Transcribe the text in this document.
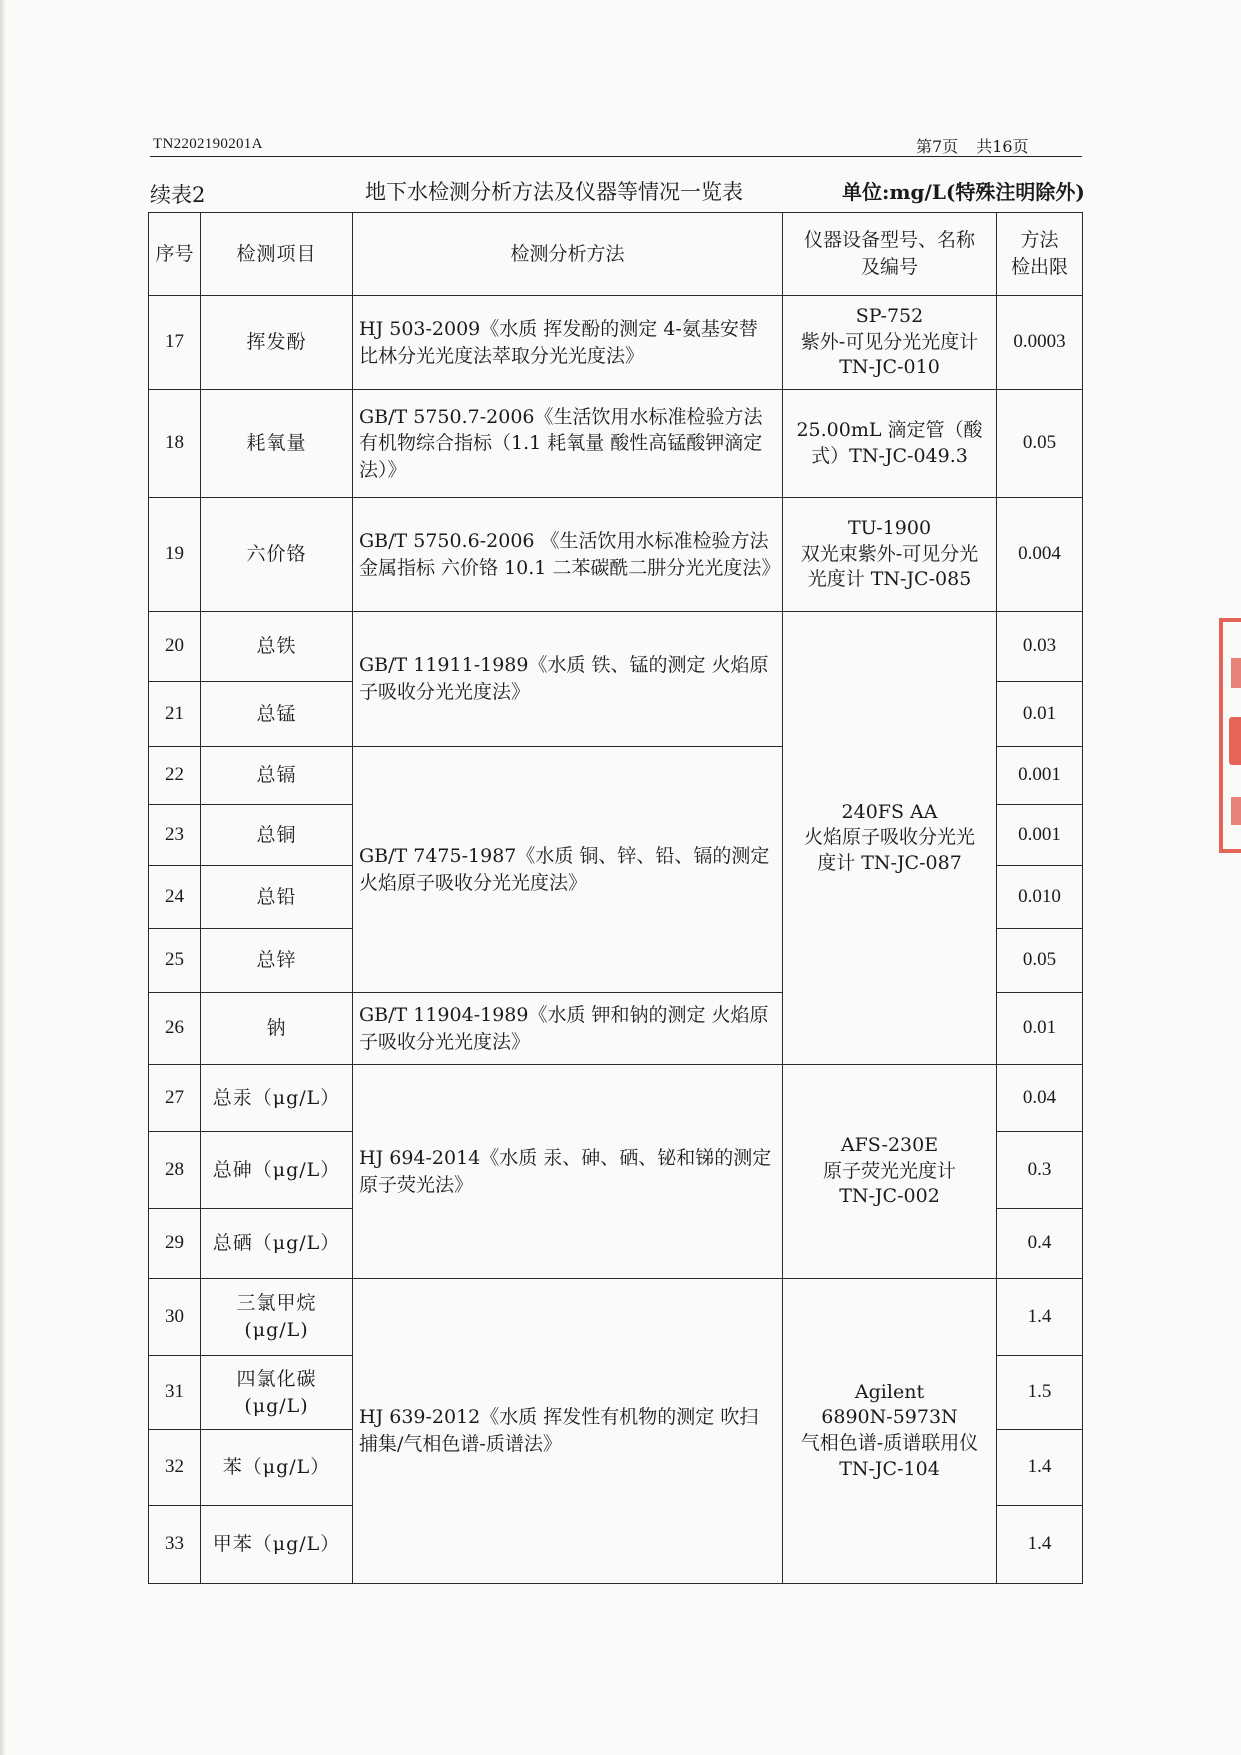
TN2202190201A	第7页 共16页
续表2	地下水检测分析方法及仪器等情况一览表	单位:mg/L(特殊注明除外)
序号	检测项目	检测分析方法	仪器设备型号、名称
及编号	方法
检出限
17	挥发酚	HJ 503-2009《水质 挥发酚的测定 4-氨基安替比林分光光度法萃取分光光度法》	SP-752
紫外-可见分光光度计
TN-JC-010	0.0003
18	耗氧量	GB/T 5750.7-2006《生活饮用水标准检验方法 有机物综合指标（1.1 耗氧量 酸性高锰酸钾滴定法）》	25.00mL 滴定管（酸
式）TN-JC-049.3	0.05
19	六价铬	GB/T 5750.6-2006 《生活饮用水标准检验方法 金属指标 六价铬 10.1 二苯碳酰二肼分光光度法》	TU-1900
双光束紫外-可见分光
光度计 TN-JC-085	0.004
20	总铁	GB/T 11911-1989《水质 铁、锰的测定 火焰原子吸收分光光度法》	240FS AA
火焰原子吸收分光光
度计 TN-JC-087	0.03
21	总锰			0.01
22	总镉	GB/T 7475-1987《水质 铜、锌、铅、镉的测定 火焰原子吸收分光光度法》		0.001
23	总铜			0.001
24	总铅			0.010
25	总锌			0.05
26	钠	GB/T 11904-1989《水质 钾和钠的测定 火焰原子吸收分光光度法》		0.01
27	总汞（μg/L）	HJ 694-2014《水质 汞、砷、硒、铋和锑的测定 原子荧光法》	AFS-230E
原子荧光光度计
TN-JC-002	0.04
28	总砷（μg/L）			0.3
29	总硒（μg/L）			0.4
30	三氯甲烷
(μg/L)	HJ 639-2012《水质 挥发性有机物的测定 吹扫捕集/气相色谱-质谱法》	Agilent
6890N-5973N
气相色谱-质谱联用仪
TN-JC-104	1.4
31	四氯化碳
(μg/L)			1.5
32	苯（μg/L）			1.4
33	甲苯（μg/L）			1.4
